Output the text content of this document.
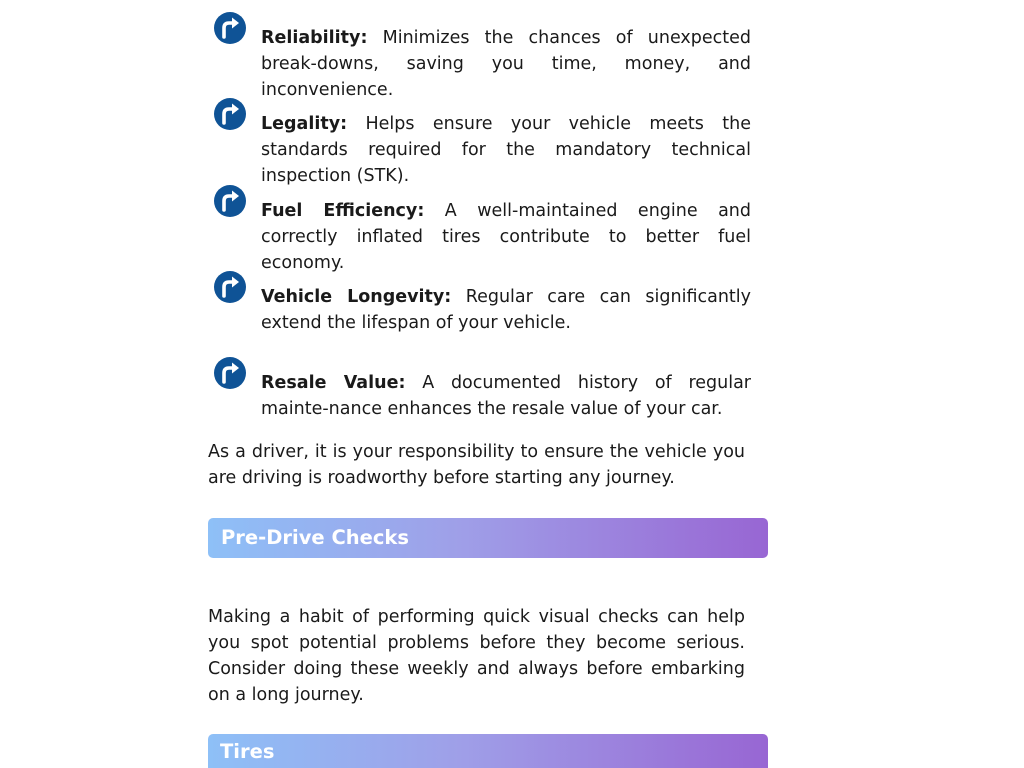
Reliability: Minimizes the chances of unexpected break-downs, saving you time, money, and inconvenience.
Legality: Helps ensure your vehicle meets the standards required for the mandatory technical inspection (STK).
Fuel Efficiency: A well-maintained engine and correctly inflated tires contribute to better fuel economy.
Vehicle Longevity: Regular care can significantly extend the lifespan of your vehicle.
Resale Value: A documented history of regular mainte-nance enhances the resale value of your car.

As a driver, it is your responsibility to ensure the vehicle you are driving is roadworthy before starting any journey.

Pre-Drive Checks

Making a habit of performing quick visual checks can help you spot potential problems before they become serious. Consider doing these weekly and always before embarking on a long journey.

Tires
